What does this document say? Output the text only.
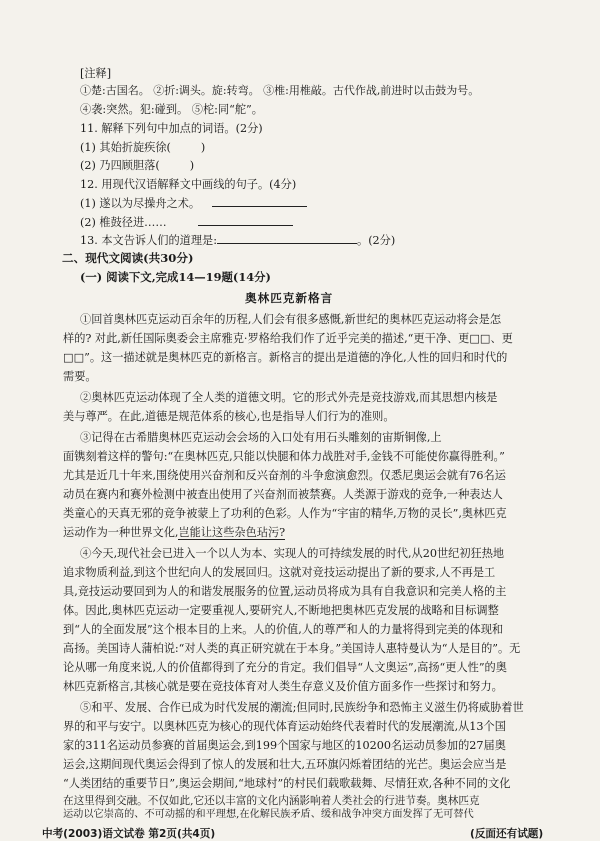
[注释]

①楚:古国名。 ②折:调头。旋:转弯。 ③椎:用椎敲。古代作战,前进时以击鼓为号。

④袭:突然。犯:碰到。 ⑤柁:同“舵”。

11. 解释下列句中加点的词语。(2分)

(1) 其始折旋疾徐(	)

(2) 乃四顾胆落(	)

12. 用现代汉语解释文中画线的句子。(4分)

(1) 遂以为尽操舟之术。

(2) 椎鼓径进……

13. 本文告诉人们的道理是:	。(2分)

二、现代文阅读(共30分)

(一) 阅读下文,完成14—19题(14分)

奥林匹克新格言

①回首奥林匹克运动百余年的历程,人们会有很多感慨,新世纪的奥林匹克运动将会是怎

样的? 对此,新任国际奥委会主席雅克·罗格给我们作了近乎完美的描述,“更干净、更□□、更

□□”。这一描述就是奥林匹克的新格言。新格言的提出是道德的净化,人性的回归和时代的

需要。

②奥林匹克运动体现了全人类的道德文明。它的形式外壳是竞技游戏,而其思想内核是

美与尊严。在此,道德是规范体系的核心,也是指导人们行为的准则。

③记得在古希腊奥林匹克运动会会场的入口处有用石头雕刻的宙斯铜像,上

面镌刻着这样的警句:“在奥林匹克,只能以快腿和体力战胜对手,金钱不可能使你赢得胜利。”

尤其是近几十年来,围绕使用兴奋剂和反兴奋剂的斗争愈演愈烈。仅悉尼奥运会就有76名运

动员在赛内和赛外检测中被查出使用了兴奋剂而被禁赛。人类源于游戏的竞争,一种表达人

类童心的天真无邪的竞争被蒙上了功利的色彩。人作为“宇宙的精华,万物的灵长”,奥林匹克

运动作为一种世界文化,岂能让这些杂色玷污?

④今天,现代社会已进入一个以人为本、实现人的可持续发展的时代,从20世纪初狂热地

追求物质利益,到这个世纪向人的发展回归。这就对竞技运动提出了新的要求,人不再是工

具,竞技运动要回到为人的和谐发展服务的位置,运动员将成为具有自我意识和完美人格的主

体。因此,奥林匹克运动一定要重视人,要研究人,不断地把奥林匹克发展的战略和目标调整

到“人的全面发展”这个根本目的上来。人的价值,人的尊严和人的力量将得到完美的体现和

高扬。美国诗人蒲柏说:“对人类的真正研究就在于本身。”美国诗人惠特曼认为“人是目的”。无

论从哪一角度来说,人的价值都得到了充分的肯定。我们倡导“人文奥运”,高扬“更人性”的奥

林匹克新格言,其核心就是要在竞技体育对人类生存意义及价值方面多作一些探讨和努力。

⑤和平、发展、合作已成为时代发展的潮流;但同时,民族纷争和恐怖主义滋生仍将威胁着世

界的和平与安宁。以奥林匹克为核心的现代体育运动始终代表着时代的发展潮流,从13个国

家的311名运动员参赛的首届奥运会,到199个国家与地区的10200名运动员参加的27届奥

运会,这期间现代奥运会得到了惊人的发展和壮大,五环旗闪烁着团结的光芒。奥运会应当是

“人类团结的重要节日”,奥运会期间,“地球村”的村民们载歌载舞、尽情狂欢,各种不同的文化

在这里得到交融。不仅如此,它还以丰富的文化内涵影响着人类社会的行进节奏。奥林匹克

运动以它崇高的、不可动摇的和平理想,在化解民族矛盾、缓和战争冲突方面发挥了无可替代

中考(2003)语文试卷 第2页(共4页)	(反面还有试题)
